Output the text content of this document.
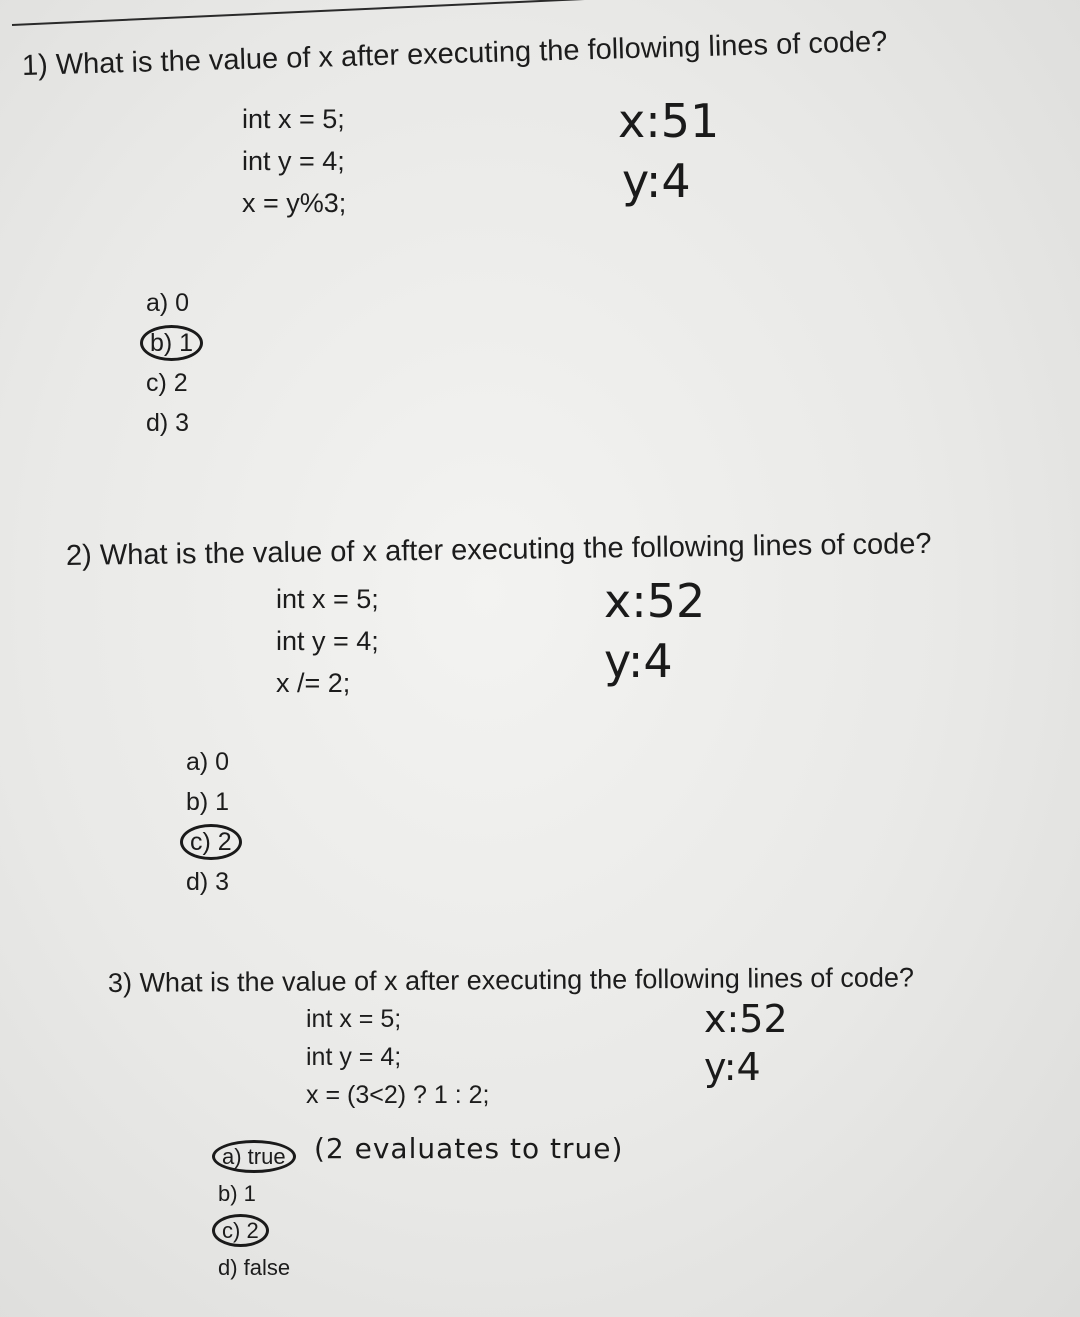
1) What is the value of x after executing the following lines of code?
int x = 5;
int y = 4;
x = y%3;
x:51
y:4
a) 0
b) 1
c) 2
d) 3
2) What is the value of x after executing the following lines of code?
int x = 5;
int y = 4;
x /= 2;
x:52
y:4
a) 0
b) 1
c) 2
d) 3
3) What is the value of x after executing the following lines of code?
int x = 5;
int y = 4;
x = (3<2) ? 1 : 2;
x:52
y:4
(2 evaluates to true)
a) true
b) 1
c) 2
d) false
